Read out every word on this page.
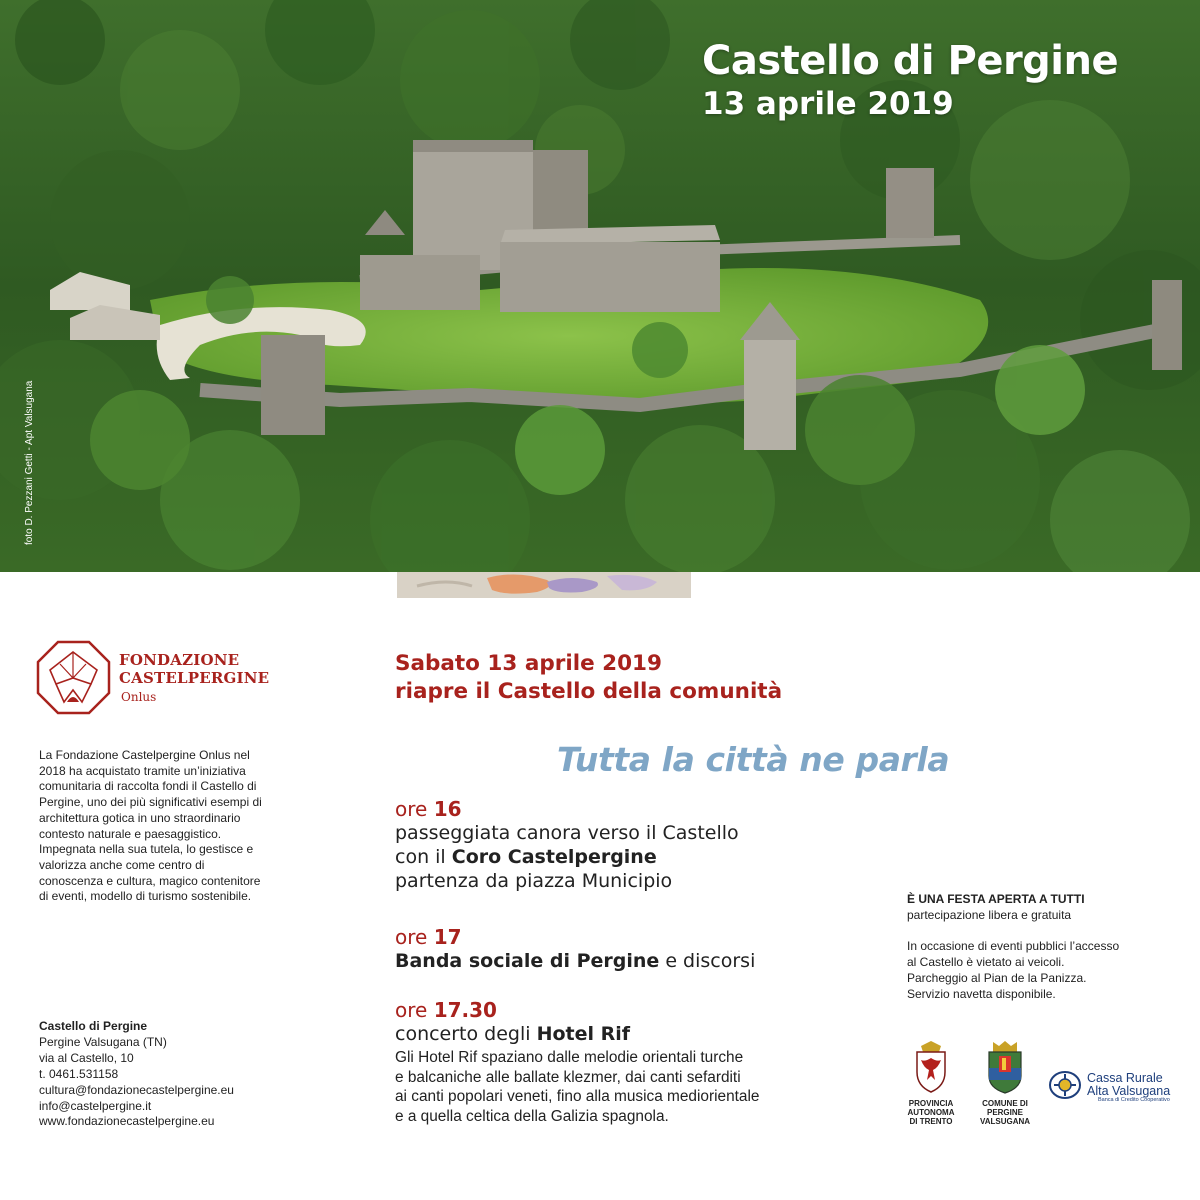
Castello di Pergine
13 aprile 2019
foto D. Pezzani Getti - Apt Valsugana
FONDAZIONE
CASTELPERGINE
Onlus

La Fondazione Castelpergine Onlus nel 2018 ha acquistato tramite un’iniziativa comunitaria di raccolta fondi il Castello di Pergine, uno dei più significativi esempi di architettura gotica in uno straordinario contesto naturale e paesaggistico. Impegnata nella sua tutela, lo gestisce e valorizza anche come centro di conoscenza e cultura, magico contenitore di eventi, modello di turismo sostenibile.

Castello di Pergine
Pergine Valsugana (TN)
via al Castello, 10
t. 0461.531158
cultura@fondazionecastelpergine.eu
info@castelpergine.it
www.fondazionecastelpergine.eu
Sabato 13 aprile 2019
riapre il Castello della comunità
Tutta la città ne parla
ore 16
passeggiata canora verso il Castello
con il Coro Castelpergine
partenza da piazza Municipio
ore 17
Banda sociale di Pergine e discorsi
ore 17.30
concerto degli Hotel Rif
Gli Hotel Rif spaziano dalle melodie orientali turche
e balcaniche alle ballate klezmer, dai canti sefarditi
ai canti popolari veneti, fino alla musica mediorientale
e a quella celtica della Galizia spagnola.
È UNA FESTA APERTA A TUTTI
partecipazione libera e gratuita
In occasione di eventi pubblici l’accesso
al Castello è vietato ai veicoli.
Parcheggio al Pian de la Panizza.
Servizio navetta disponibile.
PROVINCIA
AUTONOMA
DI TRENTO
COMUNE DI
PERGINE
VALSUGANA
Cassa Rurale
Alta Valsugana
Banca di Credito Cooperativo
